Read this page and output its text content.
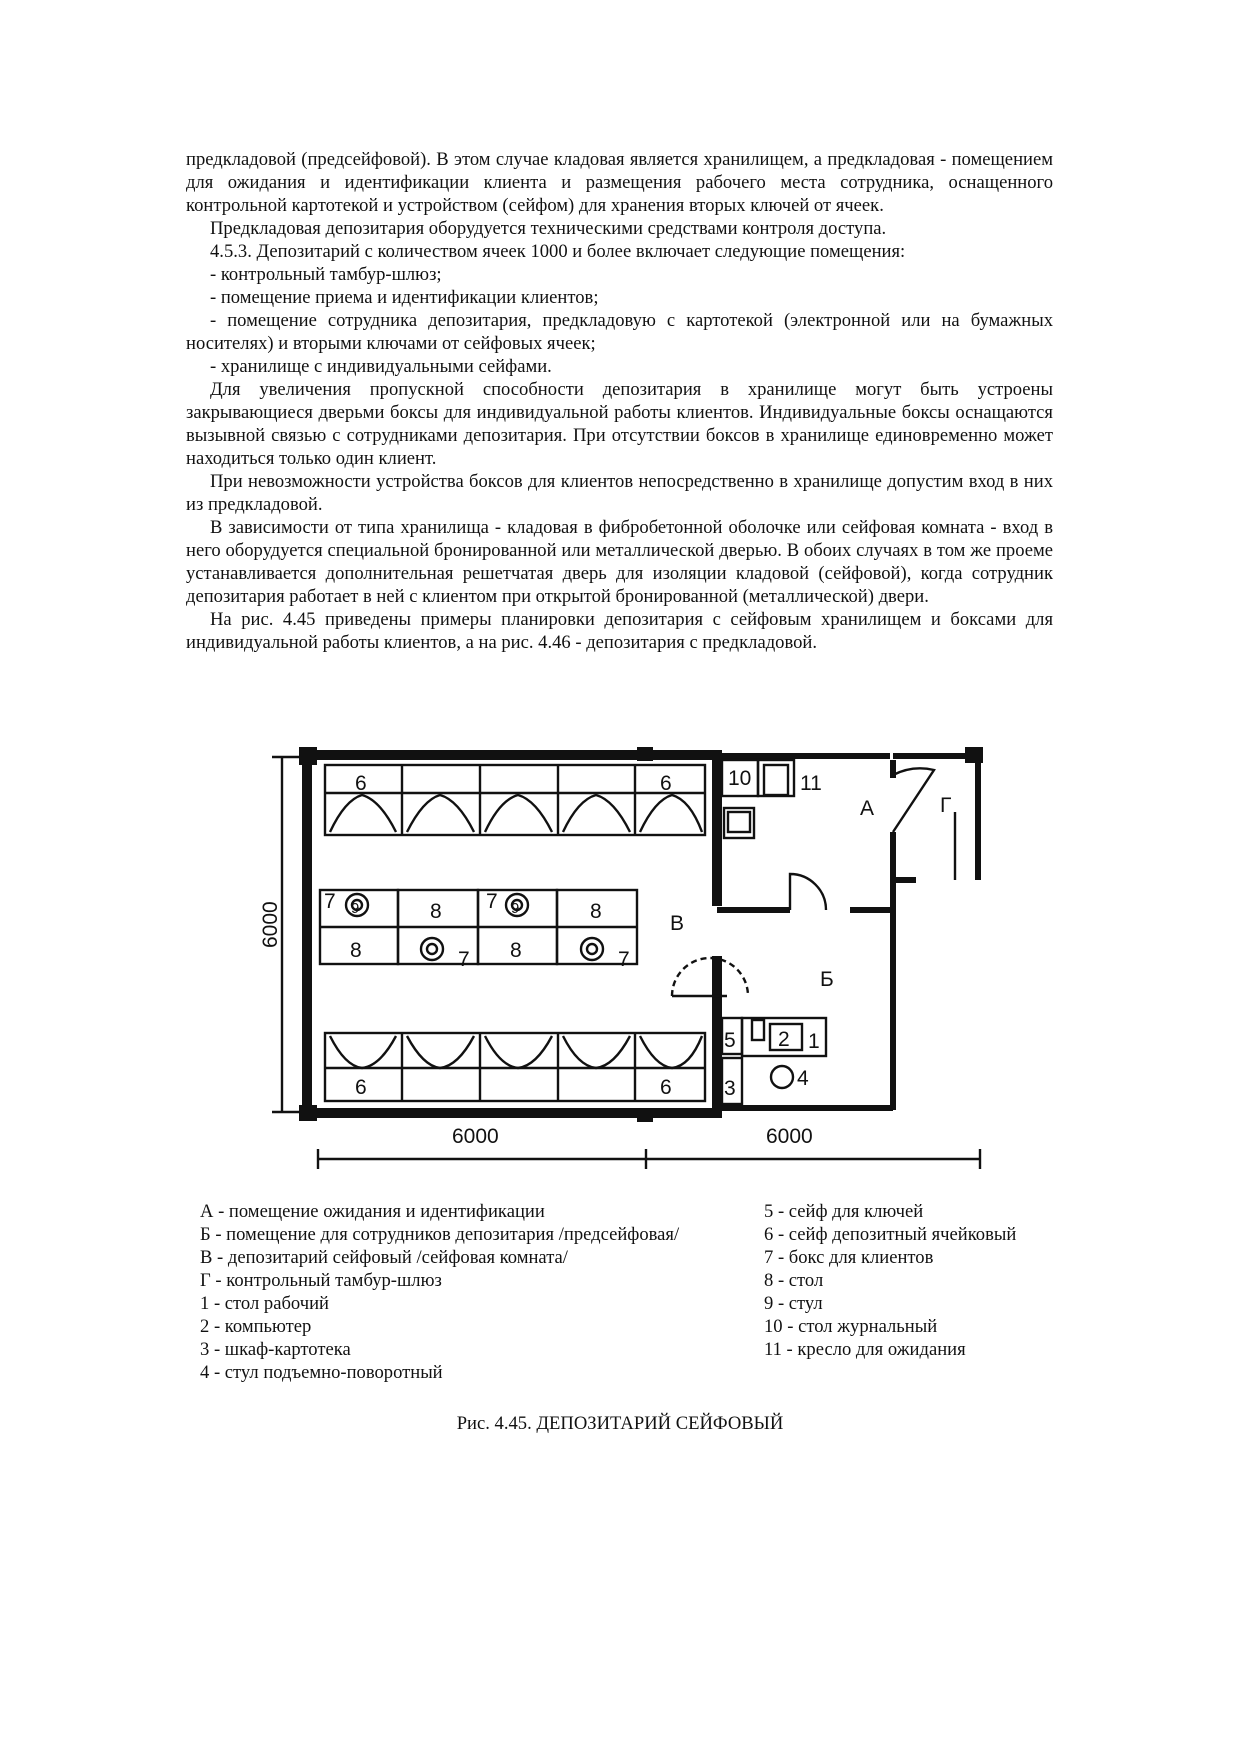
предкладовой (предсейфовой). В этом случае кладовая является хранилищем, а предкладовая - помещением для ожидания и идентификации клиента и размещения рабочего места сотрудника, оснащенного контрольной картотекой и устройством (сейфом) для хранения вторых ключей от ячеек.

Предкладовая депозитария оборудуется техническими средствами контроля доступа.

4.5.3. Депозитарий с количеством ячеек 1000 и более включает следующие помещения:

- контрольный тамбур-шлюз;

- помещение приема и идентификации клиентов;

- помещение сотрудника депозитария, предкладовую с картотекой (электронной или на бумажных носителях) и вторыми ключами от сейфовых ячеек;

- хранилище с индивидуальными сейфами.

Для увеличения пропускной способности депозитария в хранилище могут быть устроены закрывающиеся дверьми боксы для индивидуальной работы клиентов. Индивидуальные боксы оснащаются вызывной связью с сотрудниками депозитария. При отсутствии боксов в хранилище единовременно может находиться только один клиент.

При невозможности устройства боксов для клиентов непосредственно в хранилище допустим вход в них из предкладовой.

В зависимости от типа хранилища - кладовая в фибробетонной оболочке или сейфовая комната - вход в него оборудуется специальной бронированной или металлической дверью. В обоих случаях в том же проеме устанавливается дополнительная решетчатая дверь для изоляции кладовой (сейфовой), когда сотрудник депозитария работает в ней с клиентом при открытой бронированной (металлической) двери.

На рис. 4.45 приведены примеры планировки депозитария с сейфовым хранилищем и боксами для индивидуальной работы клиентов, а на рис. 4.46 - депозитария с предкладовой.

6000
6000	6000
А	Г
В
Б
6	6
6	6
8	8
8	8
7	7
7	7
9	9
10 11
5
3
2 1
4
А - помещение ожидания и идентификации
Б - помещение для сотрудников депозитария /предсейфовая/
В - депозитарий сейфовый /сейфовая комната/
Г - контрольный тамбур-шлюз
1 - стол рабочий
2 - компьютер
3 - шкаф-картотека
4 - стул подъемно-поворотный
5 - сейф для ключей
6 - сейф депозитный ячейковый
7 - бокс для клиентов
8 - стол
9 - стул
10 - стол журнальный
11 - кресло для ожидания
Рис. 4.45. ДЕПОЗИТАРИЙ СЕЙФОВЫЙ
